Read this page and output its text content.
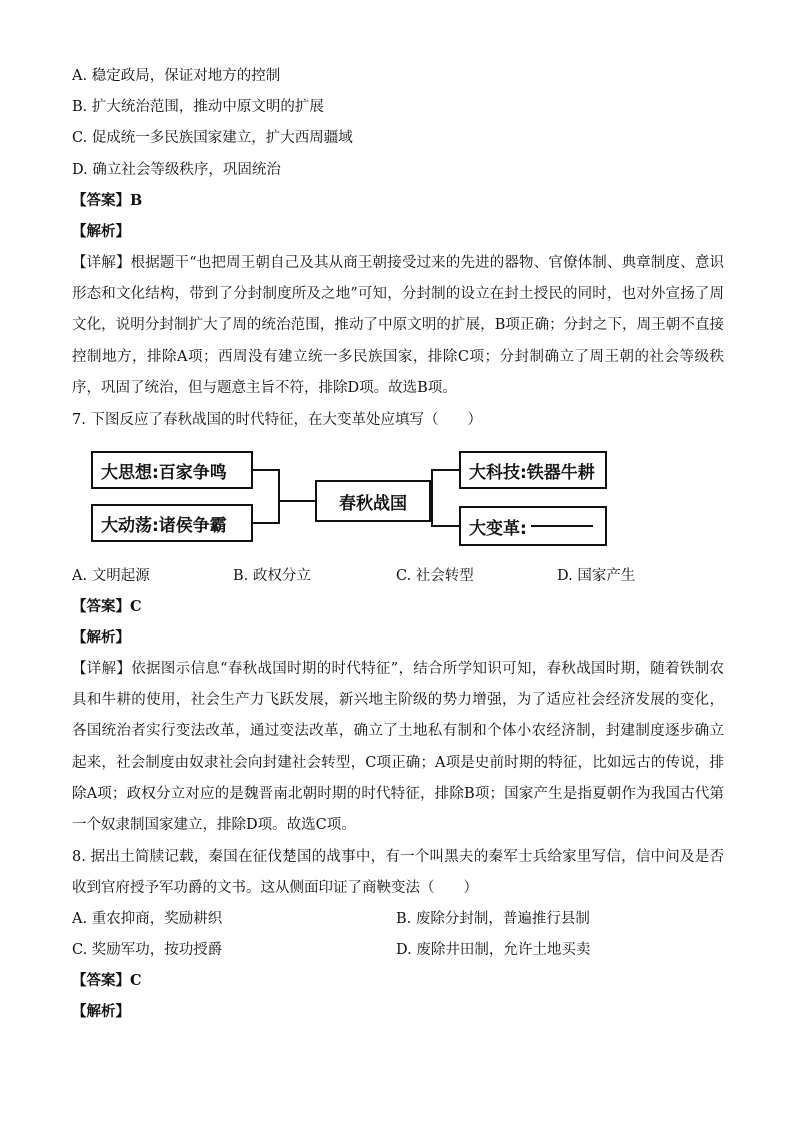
A. 稳定政局，保证对地方的控制
B. 扩大统治范围，推动中原文明的扩展
C. 促成统一多民族国家建立，扩大西周疆域
D. 确立社会等级秩序，巩固统治
【答案】B
【解析】
【详解】根据题干“也把周王朝自己及其从商王朝接受过来的先进的器物、官僚体制、典章制度、意识形态和文化结构，带到了分封制度所及之地”可知，分封制的设立在封土授民的同时，也对外宣扬了周文化，说明分封制扩大了周的统治范围，推动了中原文明的扩展，B项正确；分封之下，周王朝不直接控制地方，排除A项；西周没有建立统一多民族国家，排除C项；分封制确立了周王朝的社会等级秩序，巩固了统治，但与题意主旨不符，排除D项。故选B项。
7. 下图反应了春秋战国的时代特征，在大变革处应填写（　　）
大思想:百家争鸣
大动荡:诸侯争霸
春秋战国
大科技:铁器牛耕
大变革:
A. 文明起源	B. 政权分立	C. 社会转型	D. 国家产生
【答案】C
【解析】
【详解】依据图示信息“春秋战国时期的时代特征”，结合所学知识可知，春秋战国时期，随着铁制农具和牛耕的使用，社会生产力飞跃发展，新兴地主阶级的势力增强，为了适应社会经济发展的变化，各国统治者实行变法改革，通过变法改革，确立了土地私有制和个体小农经济制，封建制度逐步确立起来，社会制度由奴隶社会向封建社会转型，C项正确；A项是史前时期的特征，比如远古的传说，排除A项；政权分立对应的是魏晋南北朝时期的时代特征，排除B项；国家产生是指夏朝作为我国古代第一个奴隶制国家建立，排除D项。故选C项。
8. 据出土简牍记载，秦国在征伐楚国的战事中，有一个叫黑夫的秦军士兵给家里写信，信中问及是否收到官府授予军功爵的文书。这从侧面印证了商鞅变法（　　）
A. 重农抑商，奖励耕织	B. 废除分封制，普遍推行县制
C. 奖励军功，按功授爵	D. 废除井田制，允许土地买卖
【答案】C
【解析】
